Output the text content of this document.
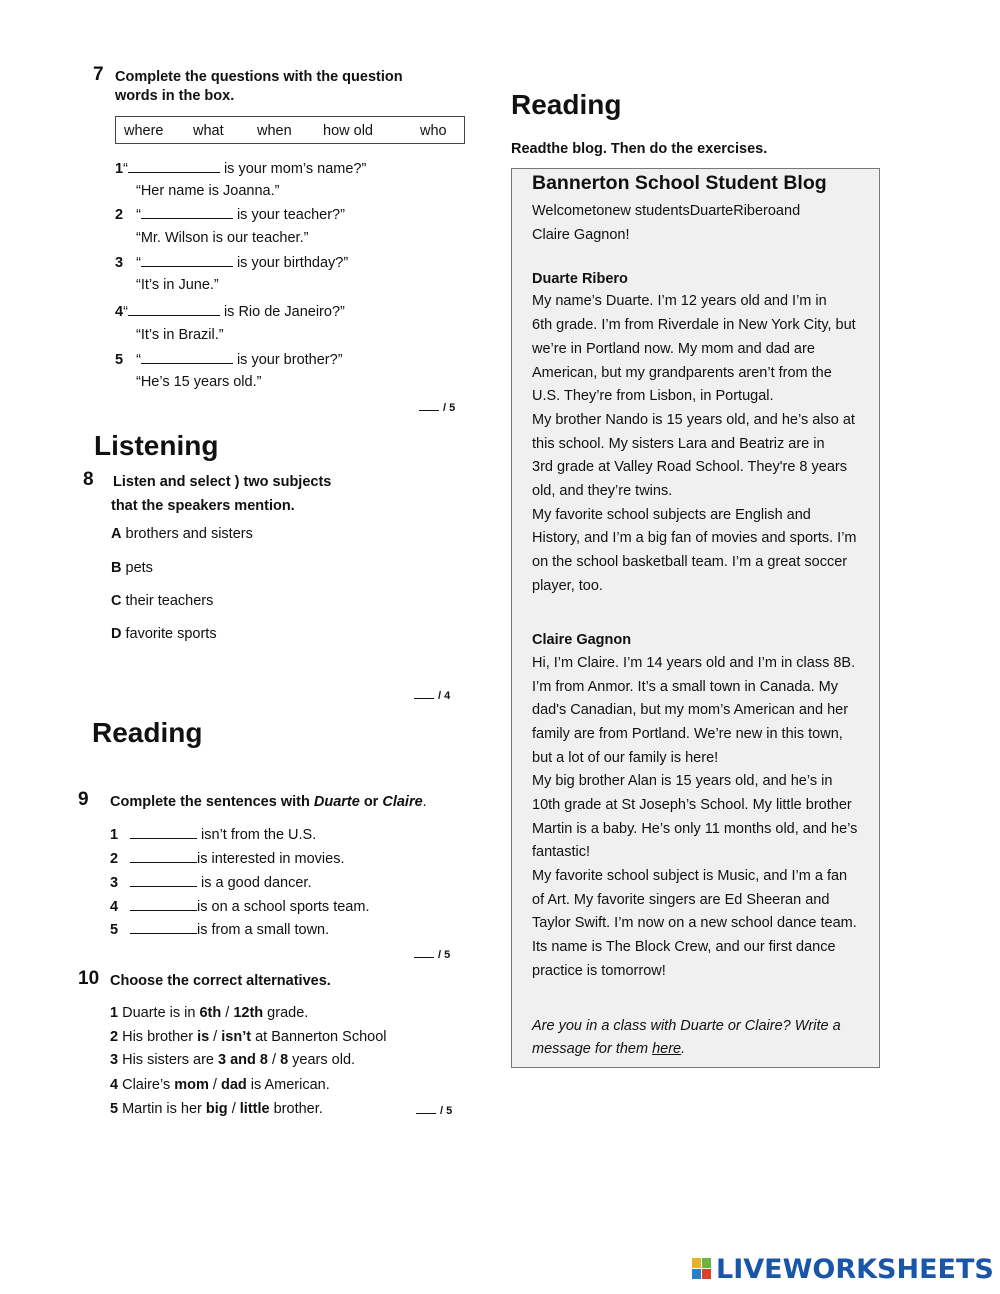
7 Complete the questions with the question words in the box.
where what when how old	who
1“	is your mom’s name?”
“Her name is Joanna.”
2 “	is your teacher?”
“Mr. Wilson is our teacher.”
3 “	is your birthday?”
“It’s in June.”
4“	is Rio de Janeiro?”
“It’s in Brazil.”
5 “	is your brother?”
“He’s 15 years old.”
/ 5
Listening
8 Listen and select ) two subjects
that the speakers mention.
A brothers and sisters
B pets
C their teachers
D favorite sports
/ 4
Reading
9 Complete the sentences with Duarte or Claire.
1	isn’t from the U.S.
2	is interested in movies.
3	is a good dancer.
4	is on a school sports team.
5	is from a small town.
/ 5
10 Choose the correct alternatives.
1 Duarte is in 6th / 12th grade.
2 His brother is / isn’t at Bannerton School
3 His sisters are 3 and 8 / 8 years old.
4 Claire’s mom / dad is American.
5 Martin is her big / little brother.	/ 5
Reading
Readthe blog. Then do the exercises.
Bannerton School Student Blog
Welcometonew studentsDuarteRiberoand
Claire Gagnon!
Duarte Ribero
My name’s Duarte. I’m 12 years old and I’m in
6th grade. I’m from Riverdale in New York City, but
we’re in Portland now. My mom and dad are
American, but my grandparents aren’t from the
U.S. They’re from Lisbon, in Portugal.
My brother Nando is 15 years old, and he’s also at
this school. My sisters Lara and Beatriz are in
3rd grade at Valley Road School. They're 8 years
old, and they’re twins.
My favorite school subjects are English and
History, and I’m a big fan of movies and sports. I’m
on the school basketball team. I’m a great soccer
player, too.
Claire Gagnon
Hi, I’m Claire. I’m 14 years old and I’m in class 8B.
I’m from Anmor. It’s a small town in Canada. My
dad's Canadian, but my mom’s American and her
family are from Portland. We’re new in this town,
but a lot of our family is here!
My big brother Alan is 15 years old, and he’s in
10th grade at St Joseph’s School. My little brother
Martin is a baby. He’s only 11 months old, and he’s
fantastic!
My favorite school subject is Music, and I’m a fan
of Art. My favorite singers are Ed Sheeran and
Taylor Swift. I’m now on a new school dance team.
Its name is The Block Crew, and our first dance
practice is tomorrow!
Are you in a class with Duarte or Claire? Write a
message for them here.
LIVEWORKSHEETS
